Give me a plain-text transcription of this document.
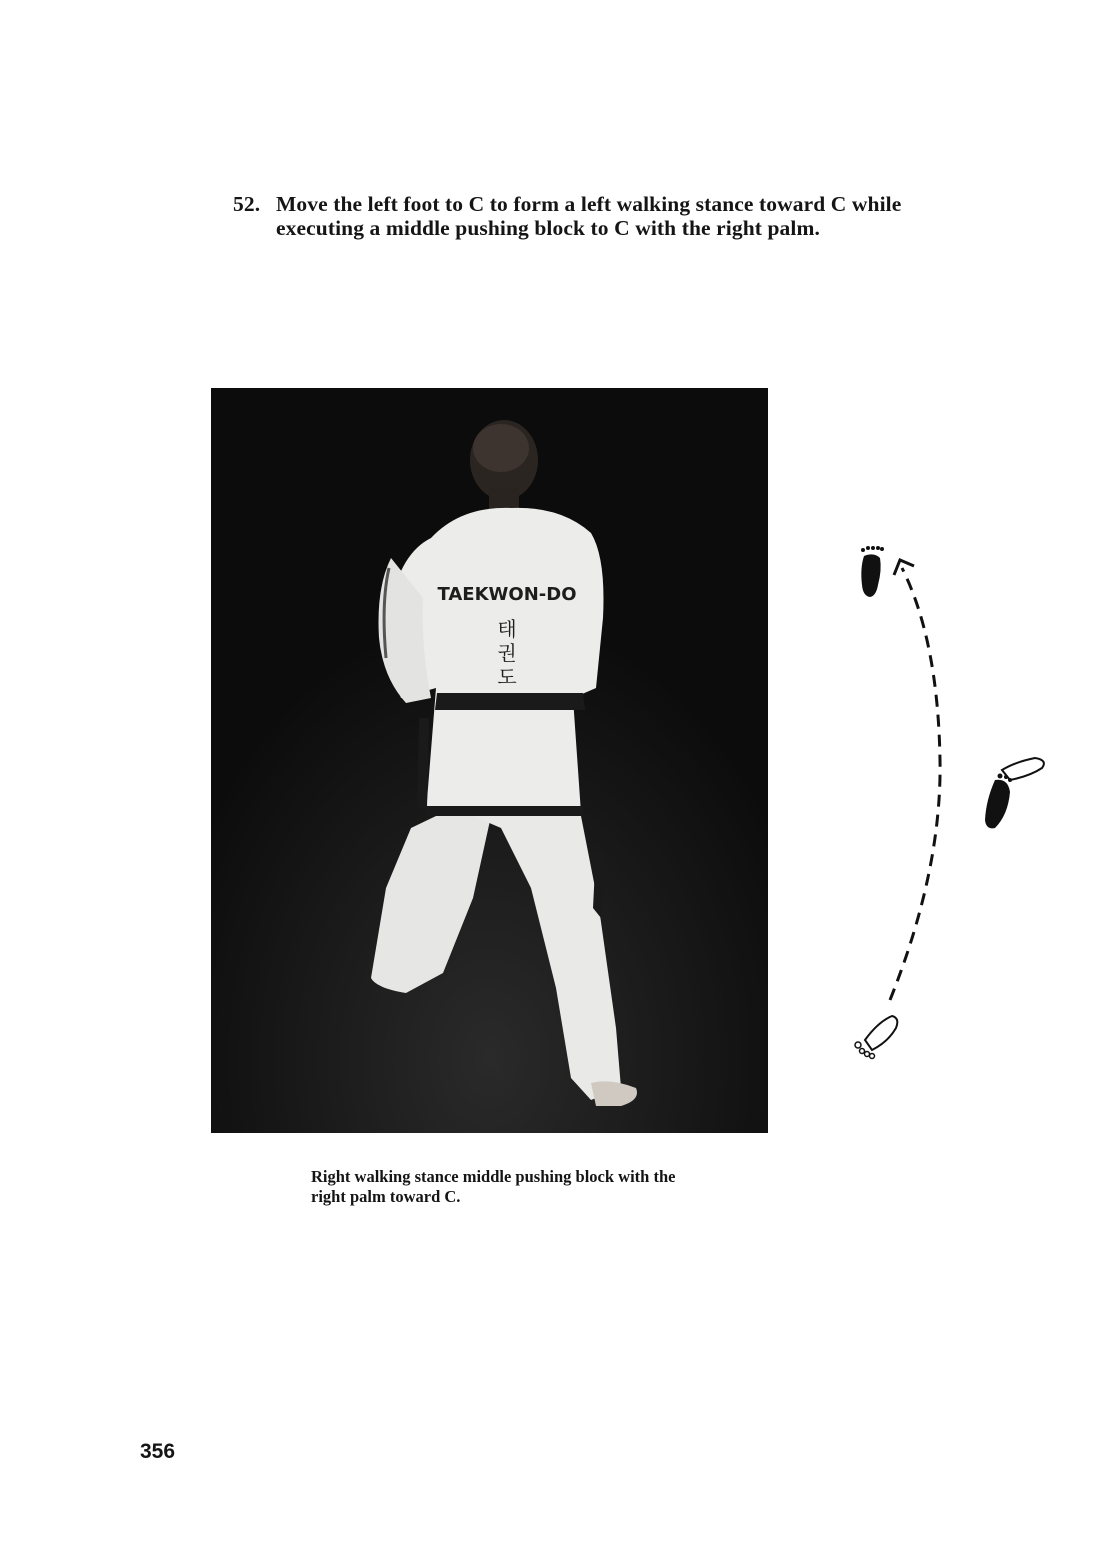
52. Move the left foot to C to form a left walking stance toward C while executing a middle pushing block to C with the right palm.
TAEKWON-DO
태
권
도
Right walking stance middle pushing block with the right palm toward C.
356
